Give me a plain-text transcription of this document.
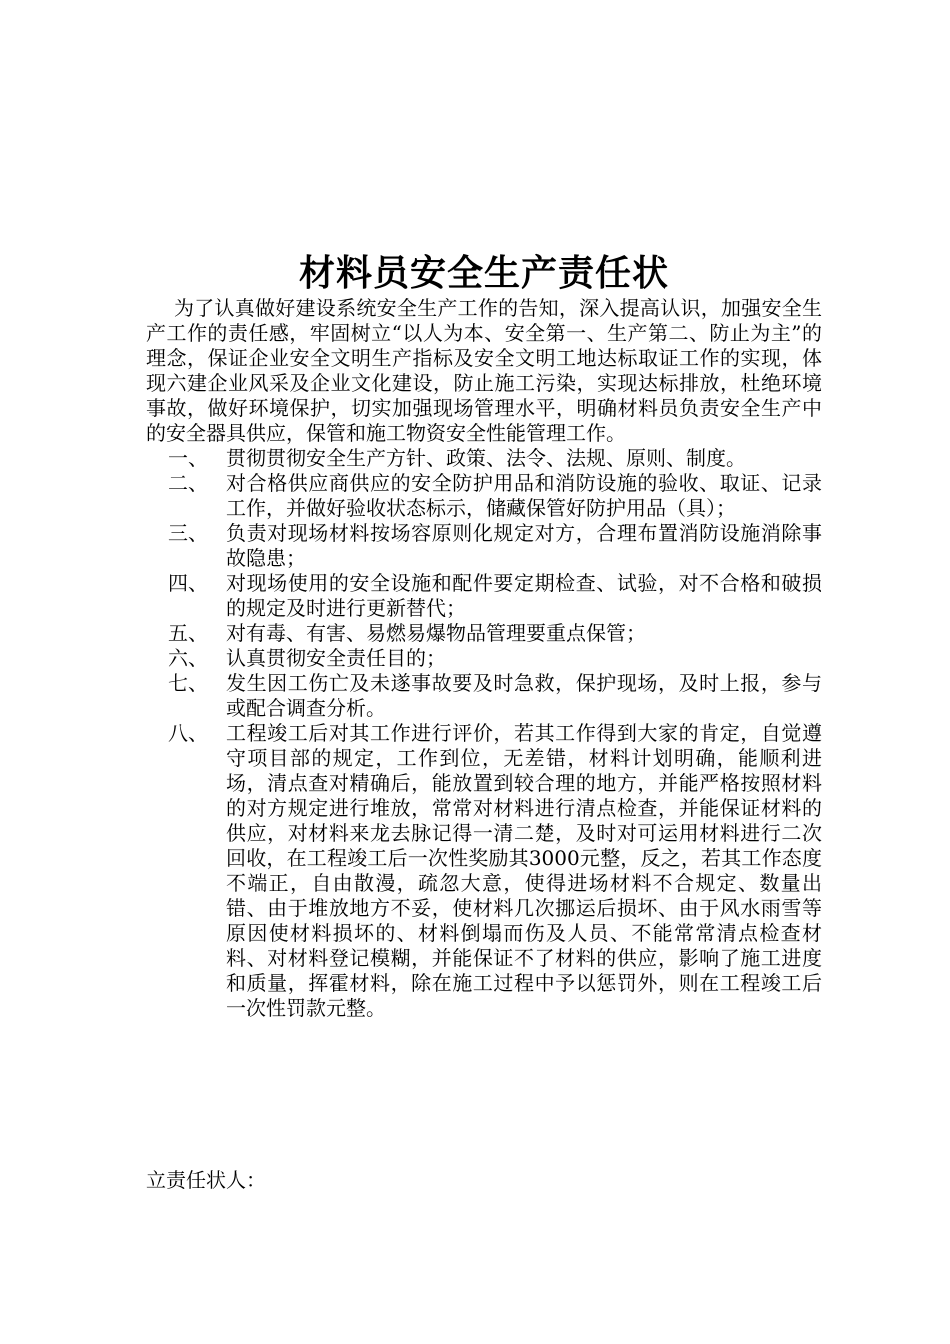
材料员安全生产责任状

为了认真做好建设系统安全生产工作的告知，深入提高认识，加强安全生产工作的责任感，牢固树立“以人为本、安全第一、生产第二、防止为主”的理念，保证企业安全文明生产指标及安全文明工地达标取证工作的实现，体现六建企业风采及企业文化建设，防止施工污染，实现达标排放，杜绝环境事故，做好环境保护，切实加强现场管理水平，明确材料员负责安全生产中的安全器具供应，保管和施工物资安全性能管理工作。

一、 贯彻贯彻安全生产方针、政策、法令、法规、原则、制度。
二、 对合格供应商供应的安全防护用品和消防设施的验收、取证、记录工作，并做好验收状态标示，储藏保管好防护用品（具）；
三、 负责对现场材料按场容原则化规定对方，合理布置消防设施消除事故隐患；
四、 对现场使用的安全设施和配件要定期检查、试验，对不合格和破损的规定及时进行更新替代；
五、 对有毒、有害、易燃易爆物品管理要重点保管；
六、 认真贯彻安全责任目的；
七、 发生因工伤亡及未遂事故要及时急救，保护现场，及时上报，参与或配合调查分析。
八、 工程竣工后对其工作进行评价，若其工作得到大家的肯定，自觉遵守项目部的规定，工作到位，无差错，材料计划明确，能顺利进场，清点查对精确后，能放置到较合理的地方，并能严格按照材料的对方规定进行堆放，常常对材料进行清点检查，并能保证材料的供应，对材料来龙去脉记得一清二楚，及时对可运用材料进行二次回收，在工程竣工后一次性奖励其3000元整，反之，若其工作态度不端正，自由散漫，疏忽大意，使得进场材料不合规定、数量出错、由于堆放地方不妥，使材料几次挪运后损坏、由于风水雨雪等原因使材料损坏的、材料倒塌而伤及人员、不能常常清点检查材料、对材料登记模糊，并能保证不了材料的供应，影响了施工进度和质量，挥霍材料，除在施工过程中予以惩罚外，则在工程竣工后一次性罚款元整。

立责任状人：
